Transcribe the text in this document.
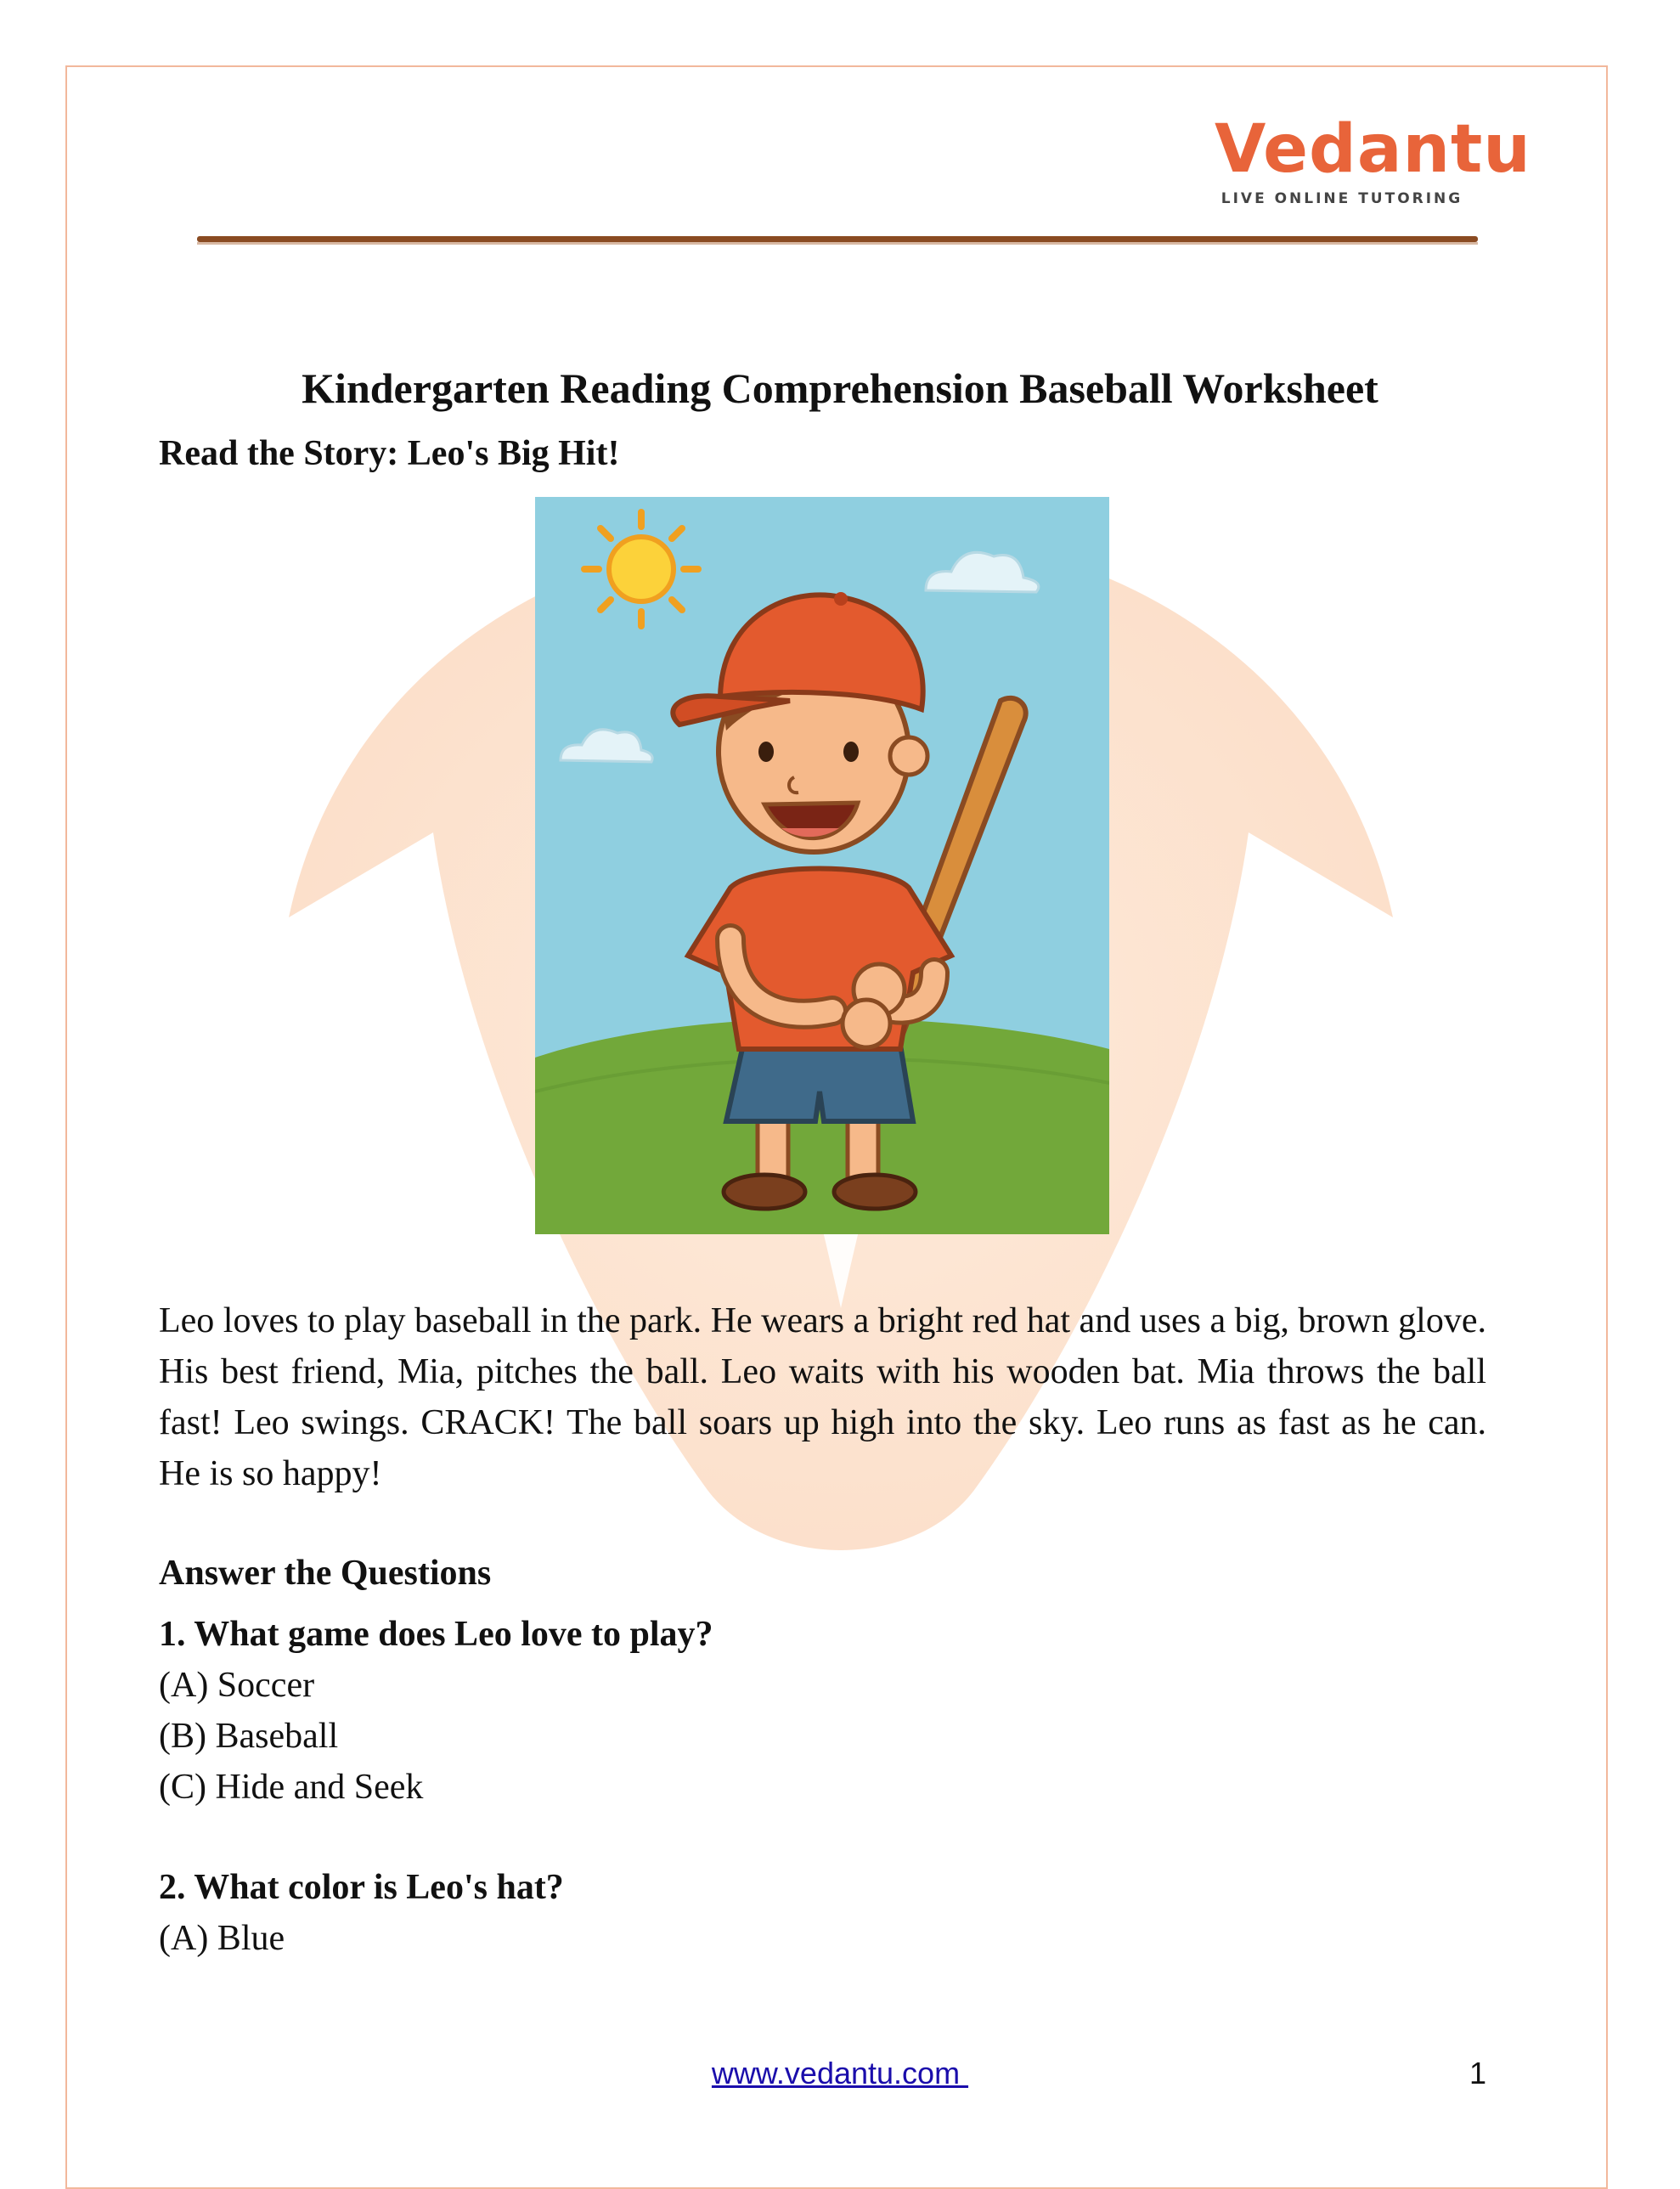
Vedantu
LIVE ONLINE TUTORING
Kindergarten Reading Comprehension Baseball Worksheet
Read the Story: Leo's Big Hit!
Leo loves to play baseball in the park. He wears a bright red hat and uses a big, brown glove. His best friend, Mia, pitches the ball. Leo waits with his wooden bat. Mia throws the ball fast! Leo swings. CRACK! The ball soars up high into the sky. Leo runs as fast as he can. He is so happy!
Answer the Questions
1. What game does Leo love to play?
(A) Soccer
(B) Baseball
(C) Hide and Seek
2. What color is Leo's hat?
(A) Blue
www.vedantu.com	1
